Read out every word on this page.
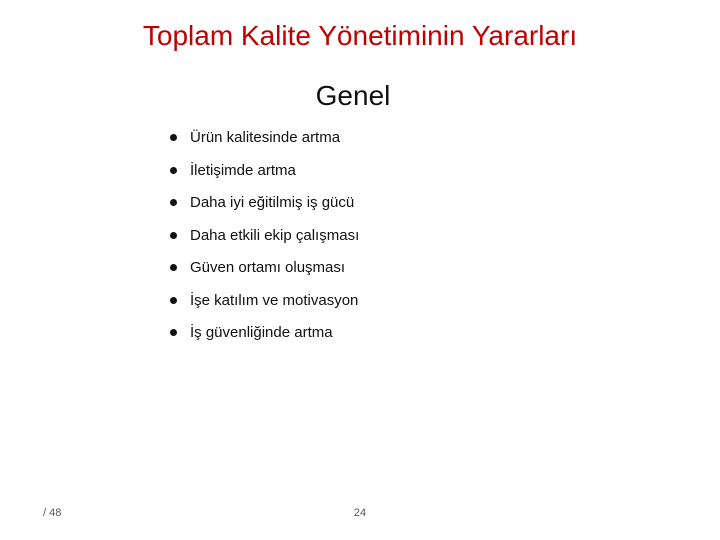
Toplam Kalite Yönetiminin Yararları
Genel
Ürün kalitesinde artma
İletişimde artma
Daha iyi eğitilmiş iş gücü
Daha etkili ekip çalışması
Güven ortamı oluşması
İşe katılım ve motivasyon
İş güvenliğinde artma
/ 48	24
